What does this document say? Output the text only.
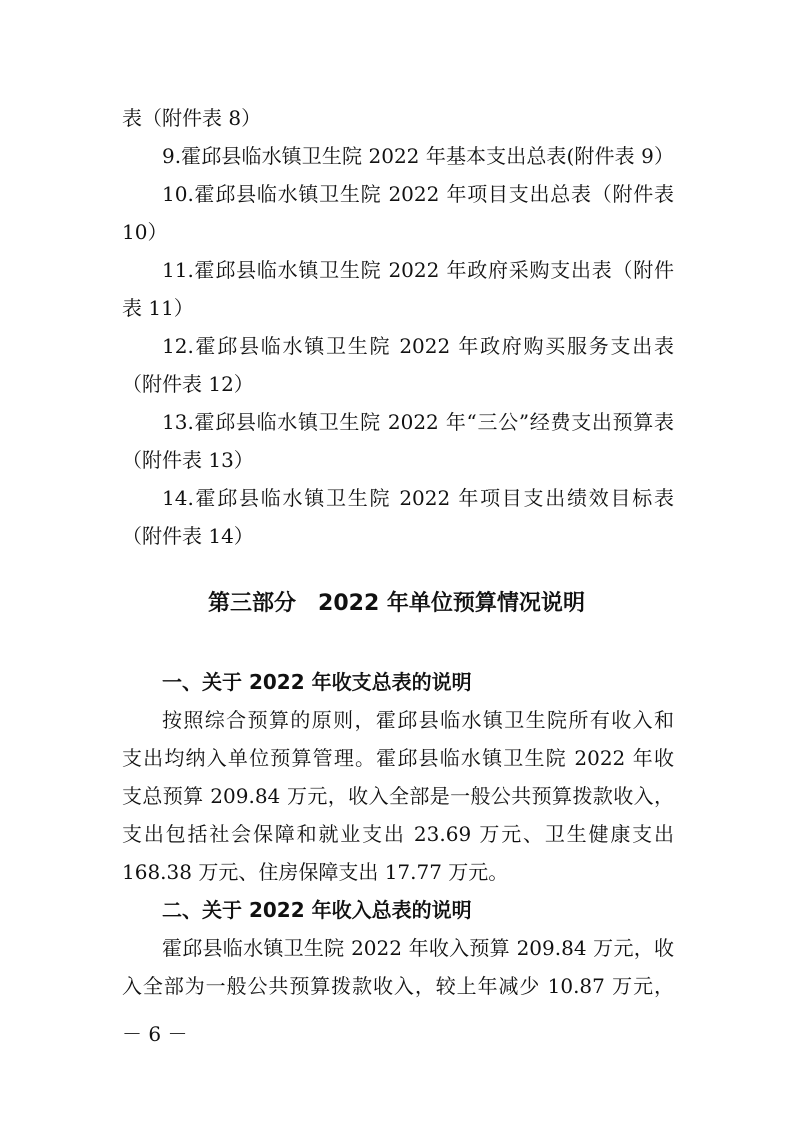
表（附件表 8）
9.霍邱县临水镇卫生院 2022 年基本支出总表(附件表 9）
10.霍邱县临水镇卫生院 2022 年项目支出总表（附件表
10）
11.霍邱县临水镇卫生院 2022 年政府采购支出表（附件
表 11）
12.霍邱县临水镇卫生院 2022 年政府购买服务支出表
（附件表 12）
13.霍邱县临水镇卫生院 2022 年“三公”经费支出预算表
（附件表 13）
14.霍邱县临水镇卫生院 2022 年项目支出绩效目标表
（附件表 14）
第三部分　2022 年单位预算情况说明
一、关于 2022 年收支总表的说明
按照综合预算的原则，霍邱县临水镇卫生院所有收入和
支出均纳入单位预算管理。霍邱县临水镇卫生院 2022 年收
支总预算 209.84 万元，收入全部是一般公共预算拨款收入，
支出包括社会保障和就业支出 23.69 万元、卫生健康支出
168.38 万元、住房保障支出 17.77 万元。
二、关于 2022 年收入总表的说明
霍邱县临水镇卫生院 2022 年收入预算 209.84 万元，收
入全部为一般公共预算拨款收入，较上年减少 10.87 万元，
－ 6 －
